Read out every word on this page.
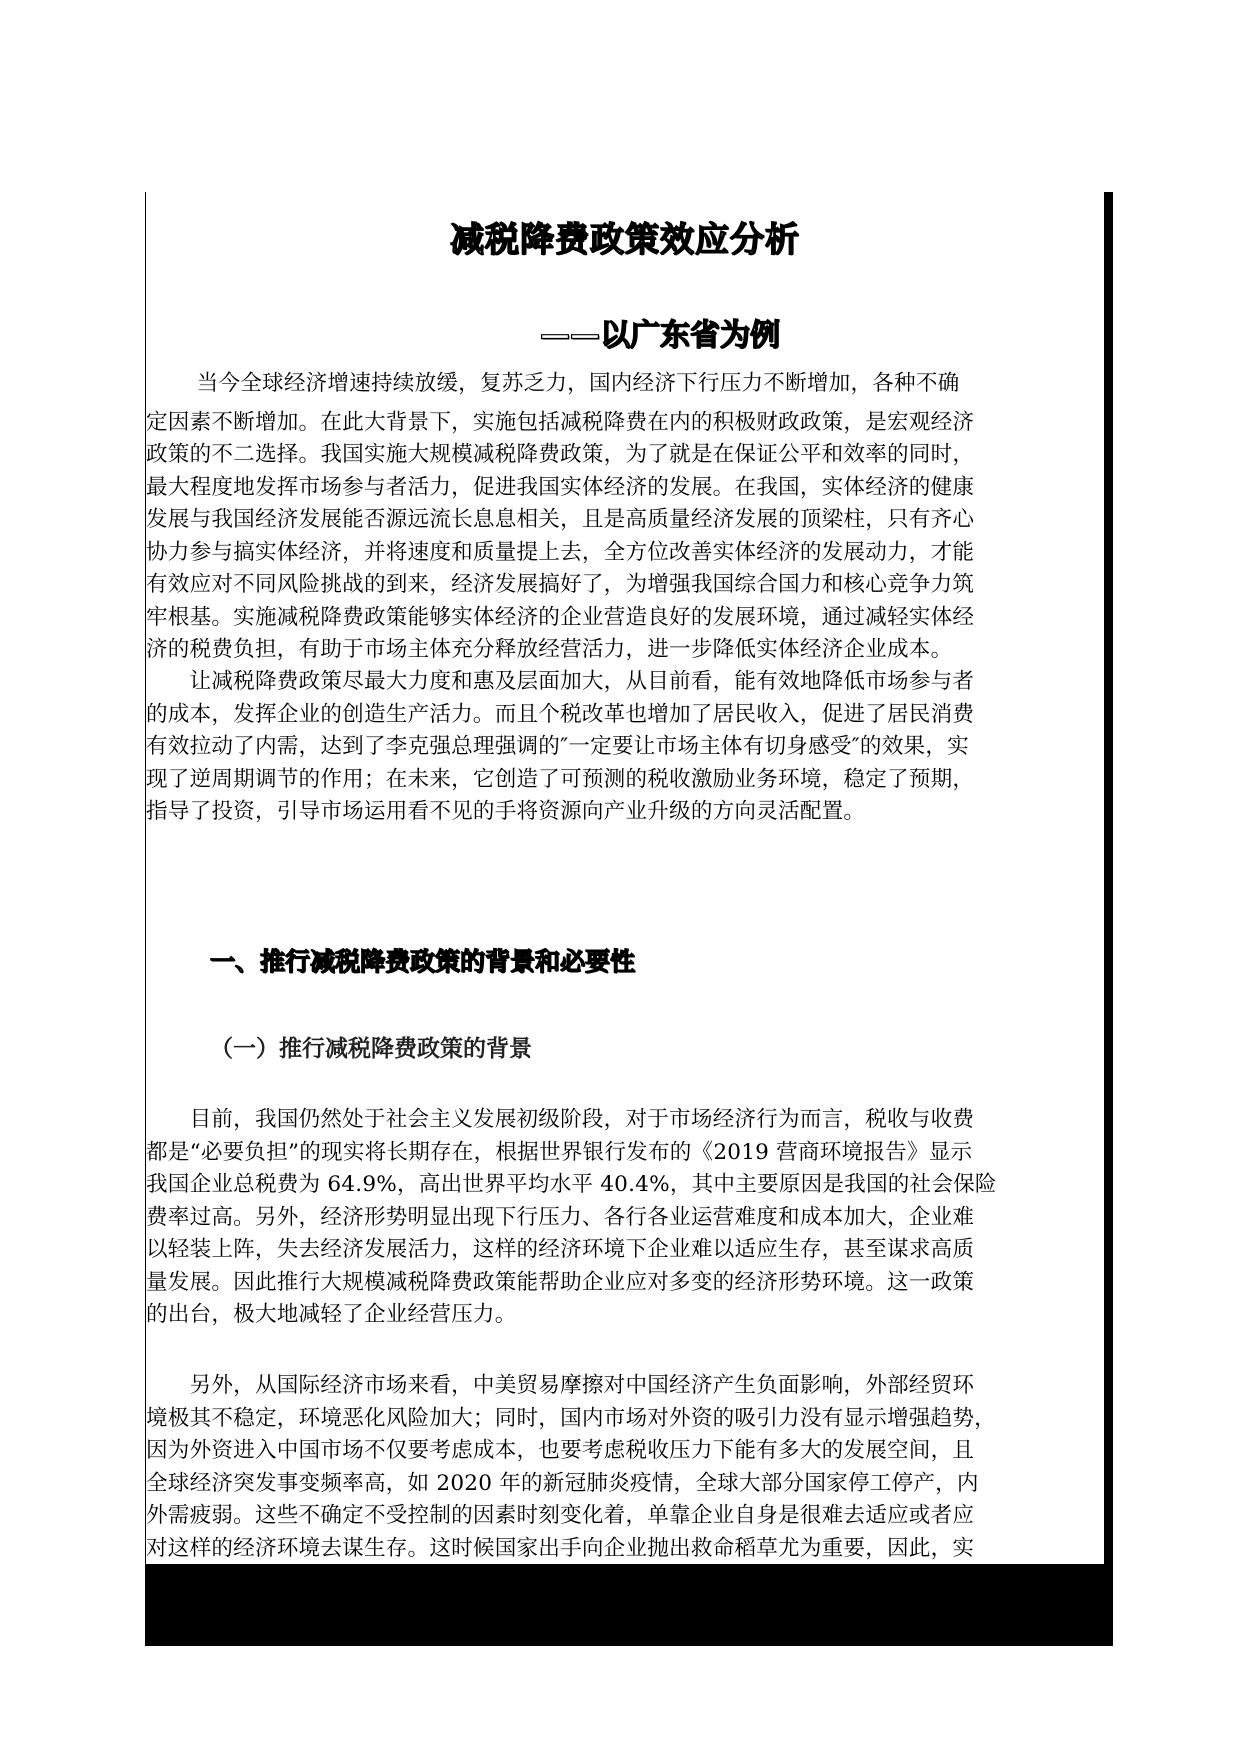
减税降费政策效应分析
——以广东省为例
　　 当今全球经济增速持续放缓，复苏乏力，国内经济下行压力不断增加，各种不确
定因素不断增加。在此大背景下，实施包括减税降费在内的积极财政政策，是宏观经济
政策的不二选择。我国实施大规模减税降费政策，为了就是在保证公平和效率的同时，
最大程度地发挥市场参与者活力，促进我国实体经济的发展。在我国，实体经济的健康
发展与我国经济发展能否源远流长息息相关，且是高质量经济发展的顶梁柱，只有齐心
协力参与搞实体经济，并将速度和质量提上去，全方位改善实体经济的发展动力，才能
有效应对不同风险挑战的到来，经济发展搞好了，为增强我国综合国力和核心竞争力筑
牢根基。实施减税降费政策能够实体经济的企业营造良好的发展环境，通过减轻实体经
济的税费负担，有助于市场主体充分释放经营活力，进一步降低实体经济企业成本。
　　让减税降费政策尽最大力度和惠及层面加大，从目前看，能有效地降低市场参与者
的成本，发挥企业的创造生产活力。而且个税改革也增加了居民收入，促进了居民消费
有效拉动了内需，达到了李克强总理强调的″一定要让市场主体有切身感受″的效果，实
现了逆周期调节的作用；在未来，它创造了可预测的税收激励业务环境，稳定了预期，
指导了投资，引导市场运用看不见的手将资源向产业升级的方向灵活配置。
一、推行减税降费政策的背景和必要性
（一）推行减税降费政策的背景
　　目前，我国仍然处于社会主义发展初级阶段，对于市场经济行为而言，税收与收费
都是“必要负担”的现实将长期存在，根据世界银行发布的《2019 营商环境报告》显示
我国企业总税费为 64.9%，高出世界平均水平 40.4%，其中主要原因是我国的社会保险
费率过高。另外，经济形势明显出现下行压力、各行各业运营难度和成本加大，企业难
以轻装上阵，失去经济发展活力，这样的经济环境下企业难以适应生存，甚至谋求高质
量发展。因此推行大规模减税降费政策能帮助企业应对多变的经济形势环境。这一政策
的出台，极大地减轻了企业经营压力。
　　另外，从国际经济市场来看，中美贸易摩擦对中国经济产生负面影响，外部经贸环
境极其不稳定，环境恶化风险加大；同时，国内市场对外资的吸引力没有显示增强趋势，
因为外资进入中国市场不仅要考虑成本，也要考虑税收压力下能有多大的发展空间，且
全球经济突发事变频率高，如 2020 年的新冠肺炎疫情，全球大部分国家停工停产，内
外需疲弱。这些不确定不受控制的因素时刻变化着，单靠企业自身是很难去适应或者应
对这样的经济环境去谋生存。这时候国家出手向企业抛出救命稻草尤为重要，因此，实
